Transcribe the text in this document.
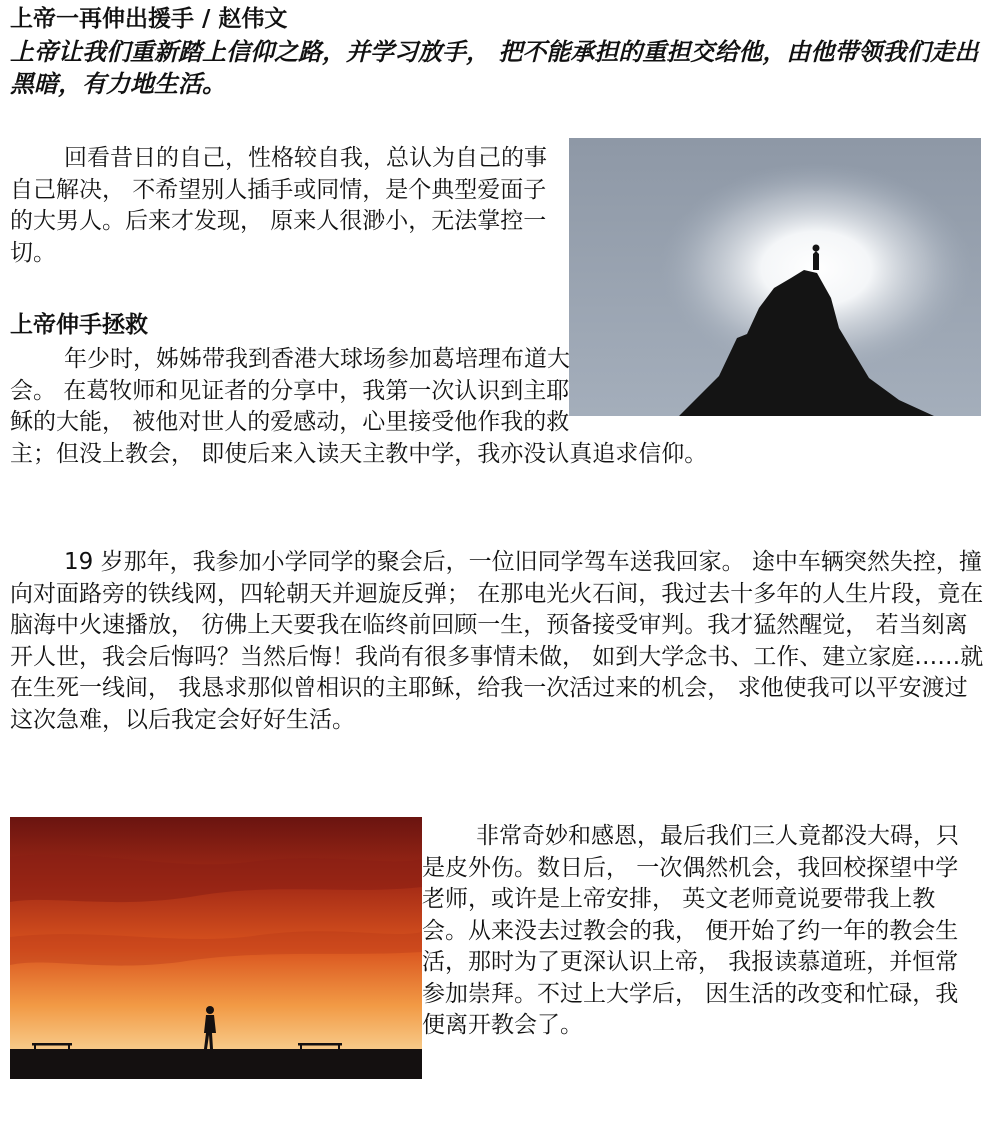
上帝一再伸出援手 / 赵伟文
上帝让我们重新踏上信仰之路，并学习放手， 把不能承担的重担交给他，由他带领我们走出黑暗，有力地生活。
回看昔日的自己，性格较自我，总认为自己的事自己解决， 不希望别人插手或同情，是个典型爱面子的大男人。后来才发现， 原来人很渺小，无法掌控一切。
上帝伸手拯救
年少时，姊姊带我到香港大球场参加葛培理布道大会。 在葛牧师和见证者的分享中，我第一次认识到主耶稣的大能， 被他对世人的爱感动，心里接受他作我的救主；但没上教会， 即使后来入读天主教中学，我亦没认真追求信仰。
19 岁那年，我参加小学同学的聚会后，一位旧同学驾车送我回家。 途中车辆突然失控，撞向对面路旁的铁线网，四轮朝天并迴旋反弹； 在那电光火石间，我过去十多年的人生片段，竟在脑海中火速播放， 彷佛上天要我在临终前回顾一生，预备接受审判。我才猛然醒觉， 若当刻离开人世，我会后悔吗？当然后悔！我尚有很多事情未做， 如到大学念书、工作、建立家庭……就在生死一线间， 我恳求那似曾相识的主耶稣，给我一次活过来的机会， 求他使我可以平安渡过这次急难，以后我定会好好生活。
非常奇妙和感恩，最后我们三人竟都没大碍，只是皮外伤。数日后， 一次偶然机会，我回校探望中学老师，或许是上帝安排， 英文老师竟说要带我上教会。从来没去过教会的我， 便开始了约一年的教会生活，那时为了更深认识上帝， 我报读慕道班，并恒常参加崇拜。不过上大学后， 因生活的改变和忙碌，我便离开教会了。
